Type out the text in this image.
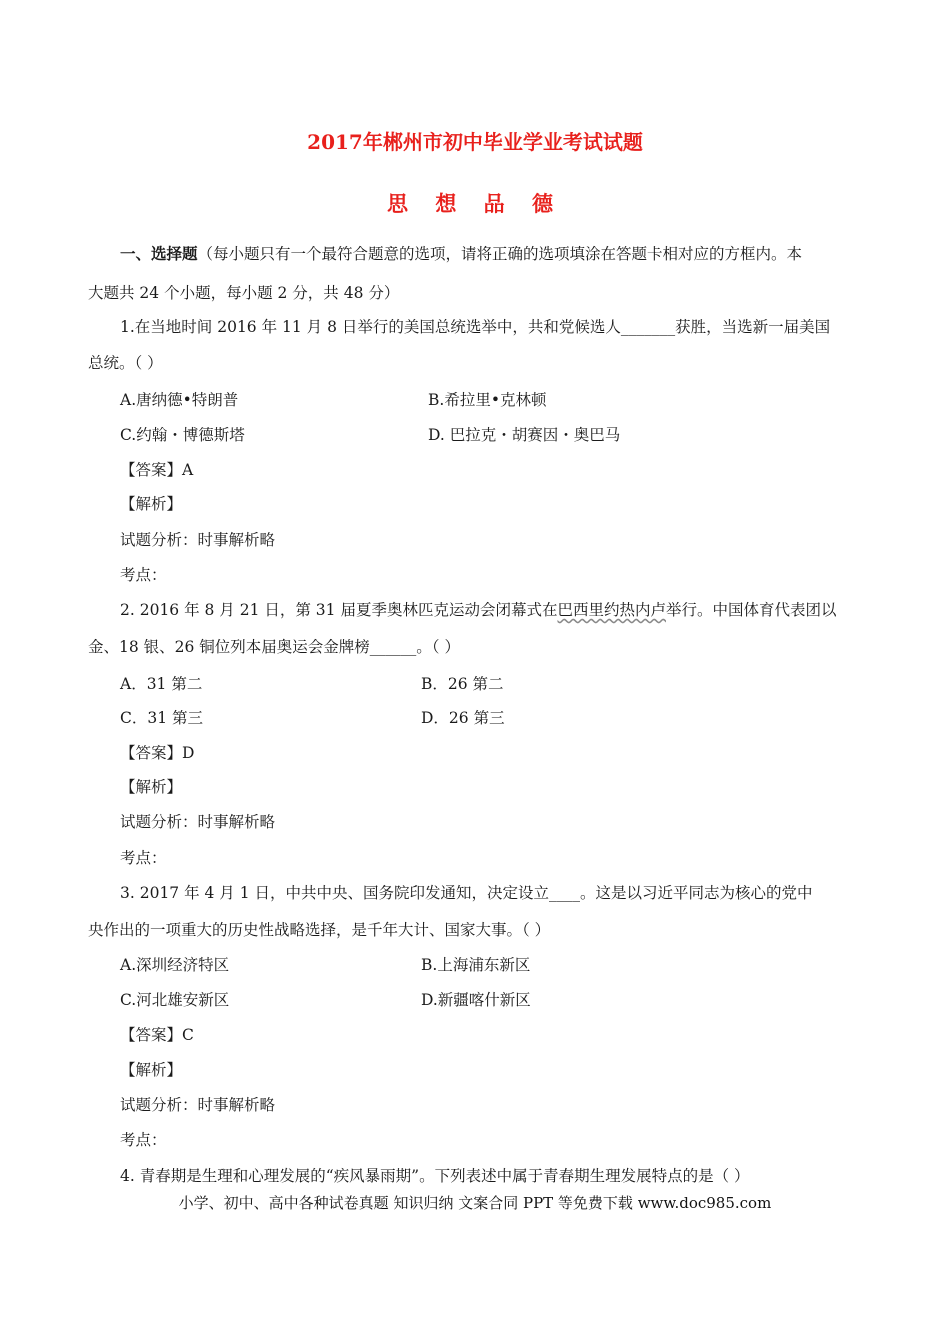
2017年郴州市初中毕业学业考试试题
思 想 品 德
一、选择题（每小题只有一个最符合题意的选项，请将正确的选项填涂在答题卡相对应的方框内。本
大题共 24 个小题，每小题 2 分，共 48 分）
1.在当地时间 2016 年 11 月 8 日举行的美国总统选举中，共和党候选人_______获胜，当选新一届美国
总统。（ ）
A.唐纳德•特朗普	B.希拉里•克林顿
C.约翰・博德斯塔	D. 巴拉克・胡赛因・奥巴马
【答案】A
【解析】
试题分析：时事解析略
考点：
2. 2016 年 8 月 21 日，第 31 届夏季奥林匹克运动会闭幕式在巴西里约热内卢举行。中国体育代表团以
金、18 银、26 铜位列本届奥运会金牌榜______。（ ）
A．31 第二	B．26 第二
C．31 第三	D．26 第三
【答案】D
【解析】
试题分析：时事解析略
考点：
3. 2017 年 4 月 1 日，中共中央、国务院印发通知，决定设立____。这是以习近平同志为核心的党中
央作出的一项重大的历史性战略选择，是千年大计、国家大事。（ ）
A.深圳经济特区	B.上海浦东新区
C.河北雄安新区	D.新疆喀什新区
【答案】C
【解析】
试题分析：时事解析略
考点：
4. 青春期是生理和心理发展的“疾风暴雨期”。下列表述中属于青春期生理发展特点的是（ ）
小学、初中、高中各种试卷真题 知识归纳 文案合同 PPT 等免费下载 www.doc985.com
